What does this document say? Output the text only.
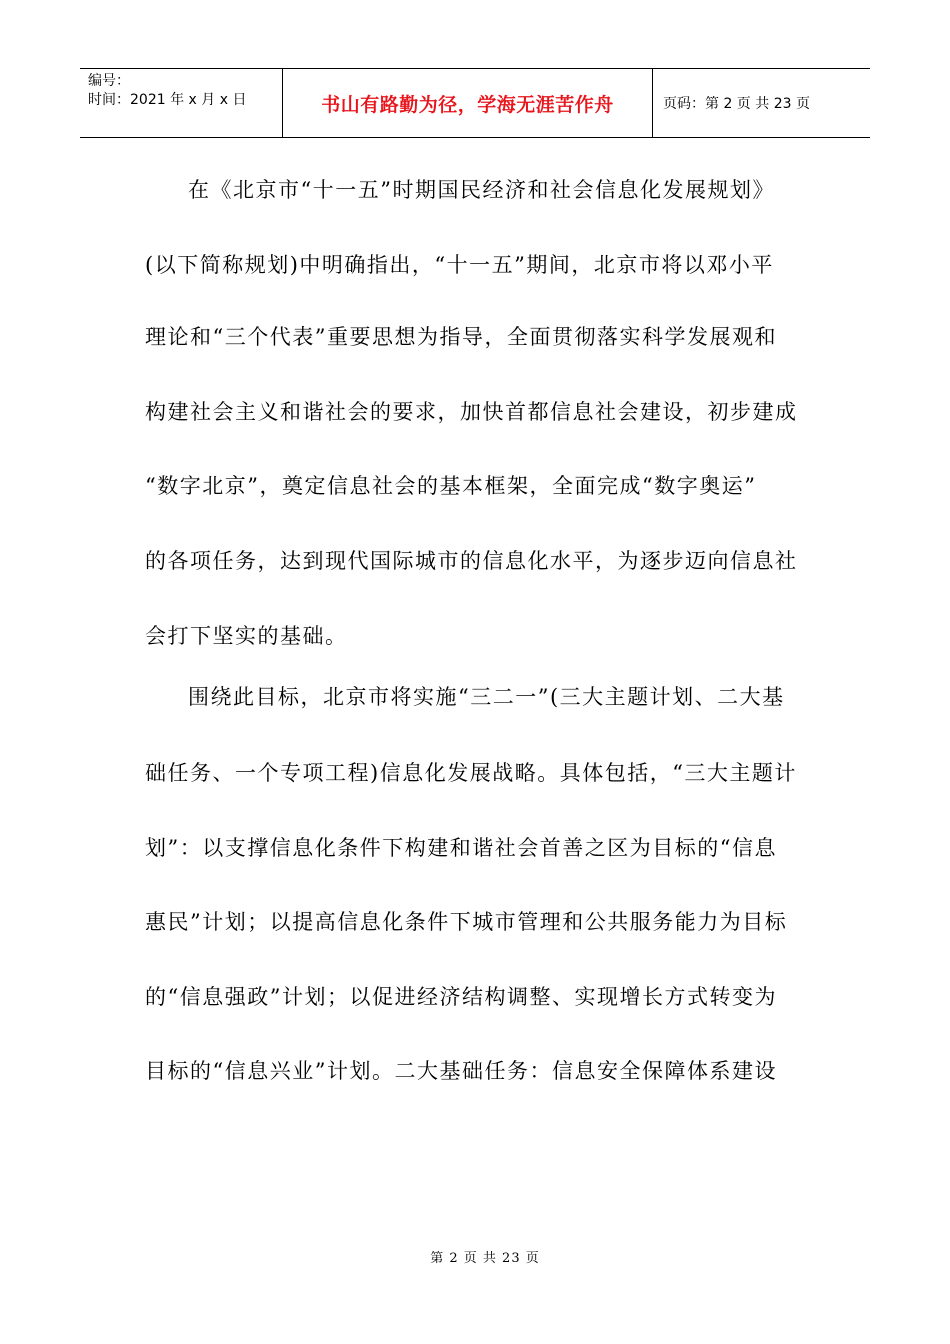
编号：
时间：2021 年 x 月 x 日	书山有路勤为径，学海无涯苦作舟	页码：第 2 页 共 23 页
在《北京市“十一五”时期国民经济和社会信息化发展规划》
(以下简称规划)中明确指出，“十一五”期间，北京市将以邓小平
理论和“三个代表”重要思想为指导，全面贯彻落实科学发展观和
构建社会主义和谐社会的要求，加快首都信息社会建设，初步建成
“数字北京”，奠定信息社会的基本框架，全面完成“数字奥运”
的各项任务，达到现代国际城市的信息化水平，为逐步迈向信息社
会打下坚实的基础。
围绕此目标，北京市将实施“三二一”(三大主题计划、二大基
础任务、一个专项工程)信息化发展战略。具体包括，“三大主题计
划”：以支撑信息化条件下构建和谐社会首善之区为目标的“信息
惠民”计划；以提高信息化条件下城市管理和公共服务能力为目标
的“信息强政”计划；以促进经济结构调整、实现增长方式转变为
目标的“信息兴业”计划。二大基础任务：信息安全保障体系建设
第 2 页 共 23 页
